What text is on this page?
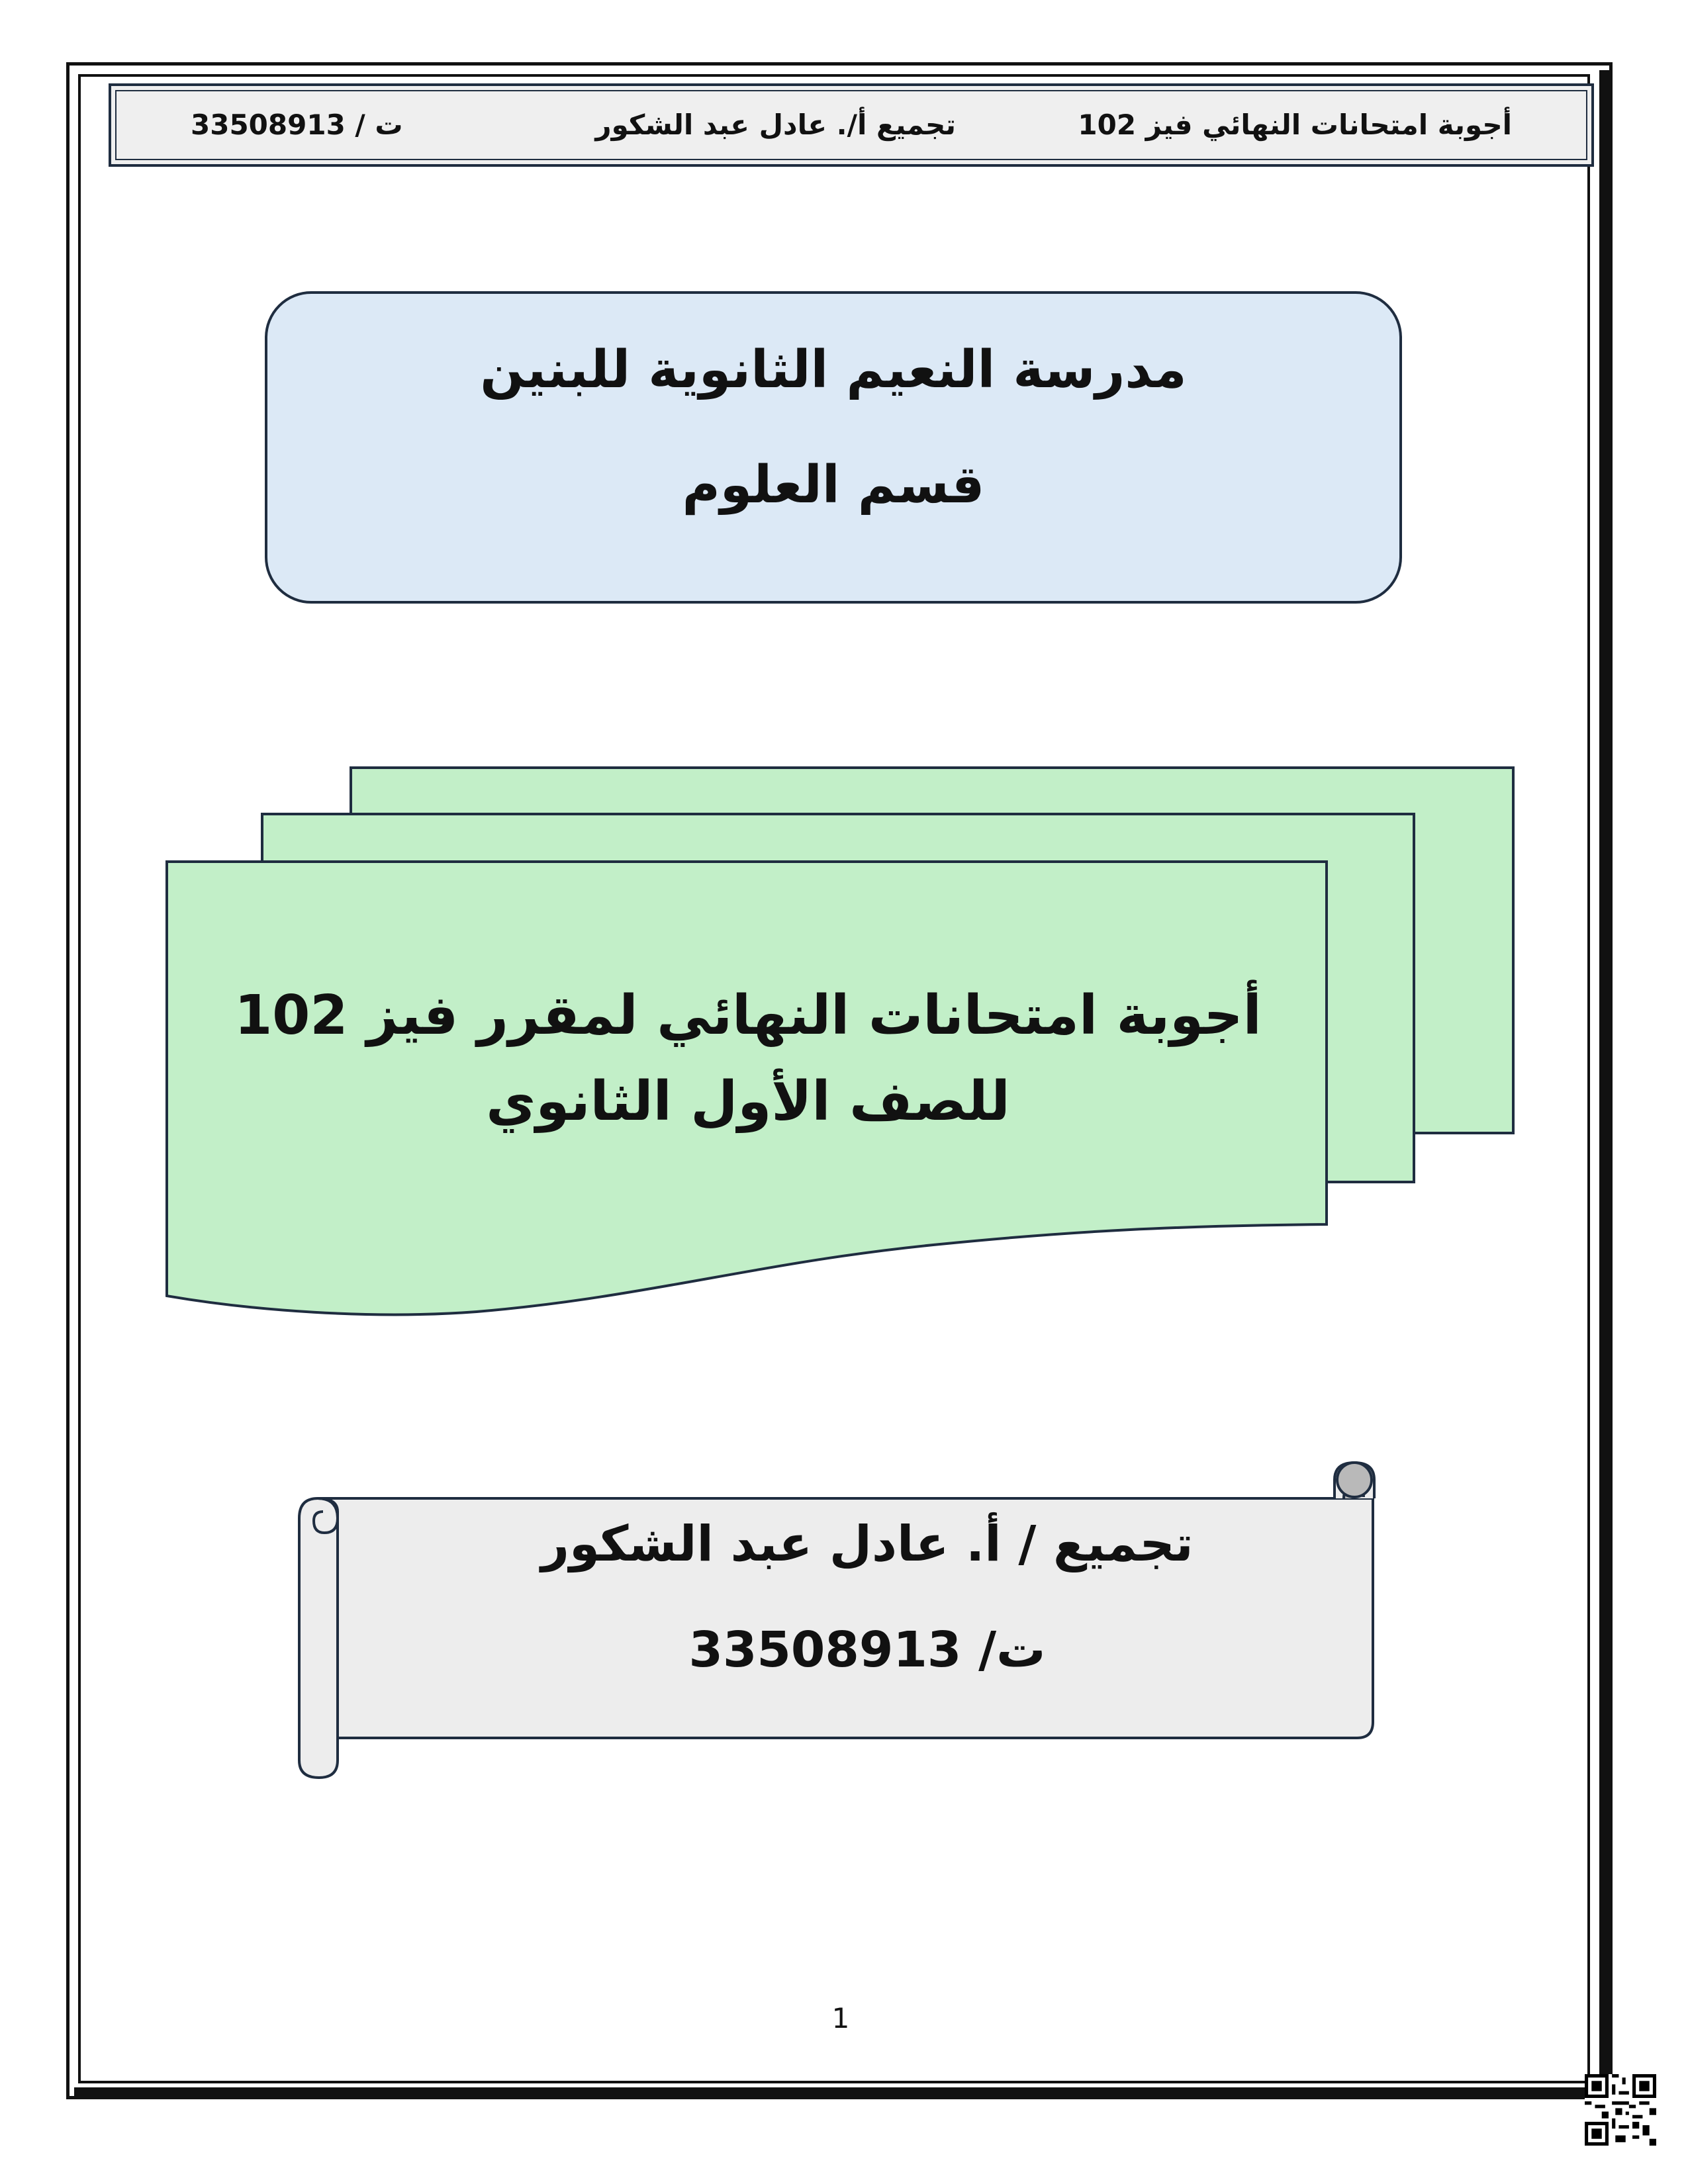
أجوبة امتحانات النهائي فيز 102
تجميع أ/. عادل عبد الشكور
ت / 33508913
مدرسة النعيم الثانوية للبنين
قسم العلوم
أجوبة امتحانات النهائي لمقرر فيز 102 للصف الأول الثانوي
تجميع / أ. عادل عبد الشكور
ت/ 33508913
1
